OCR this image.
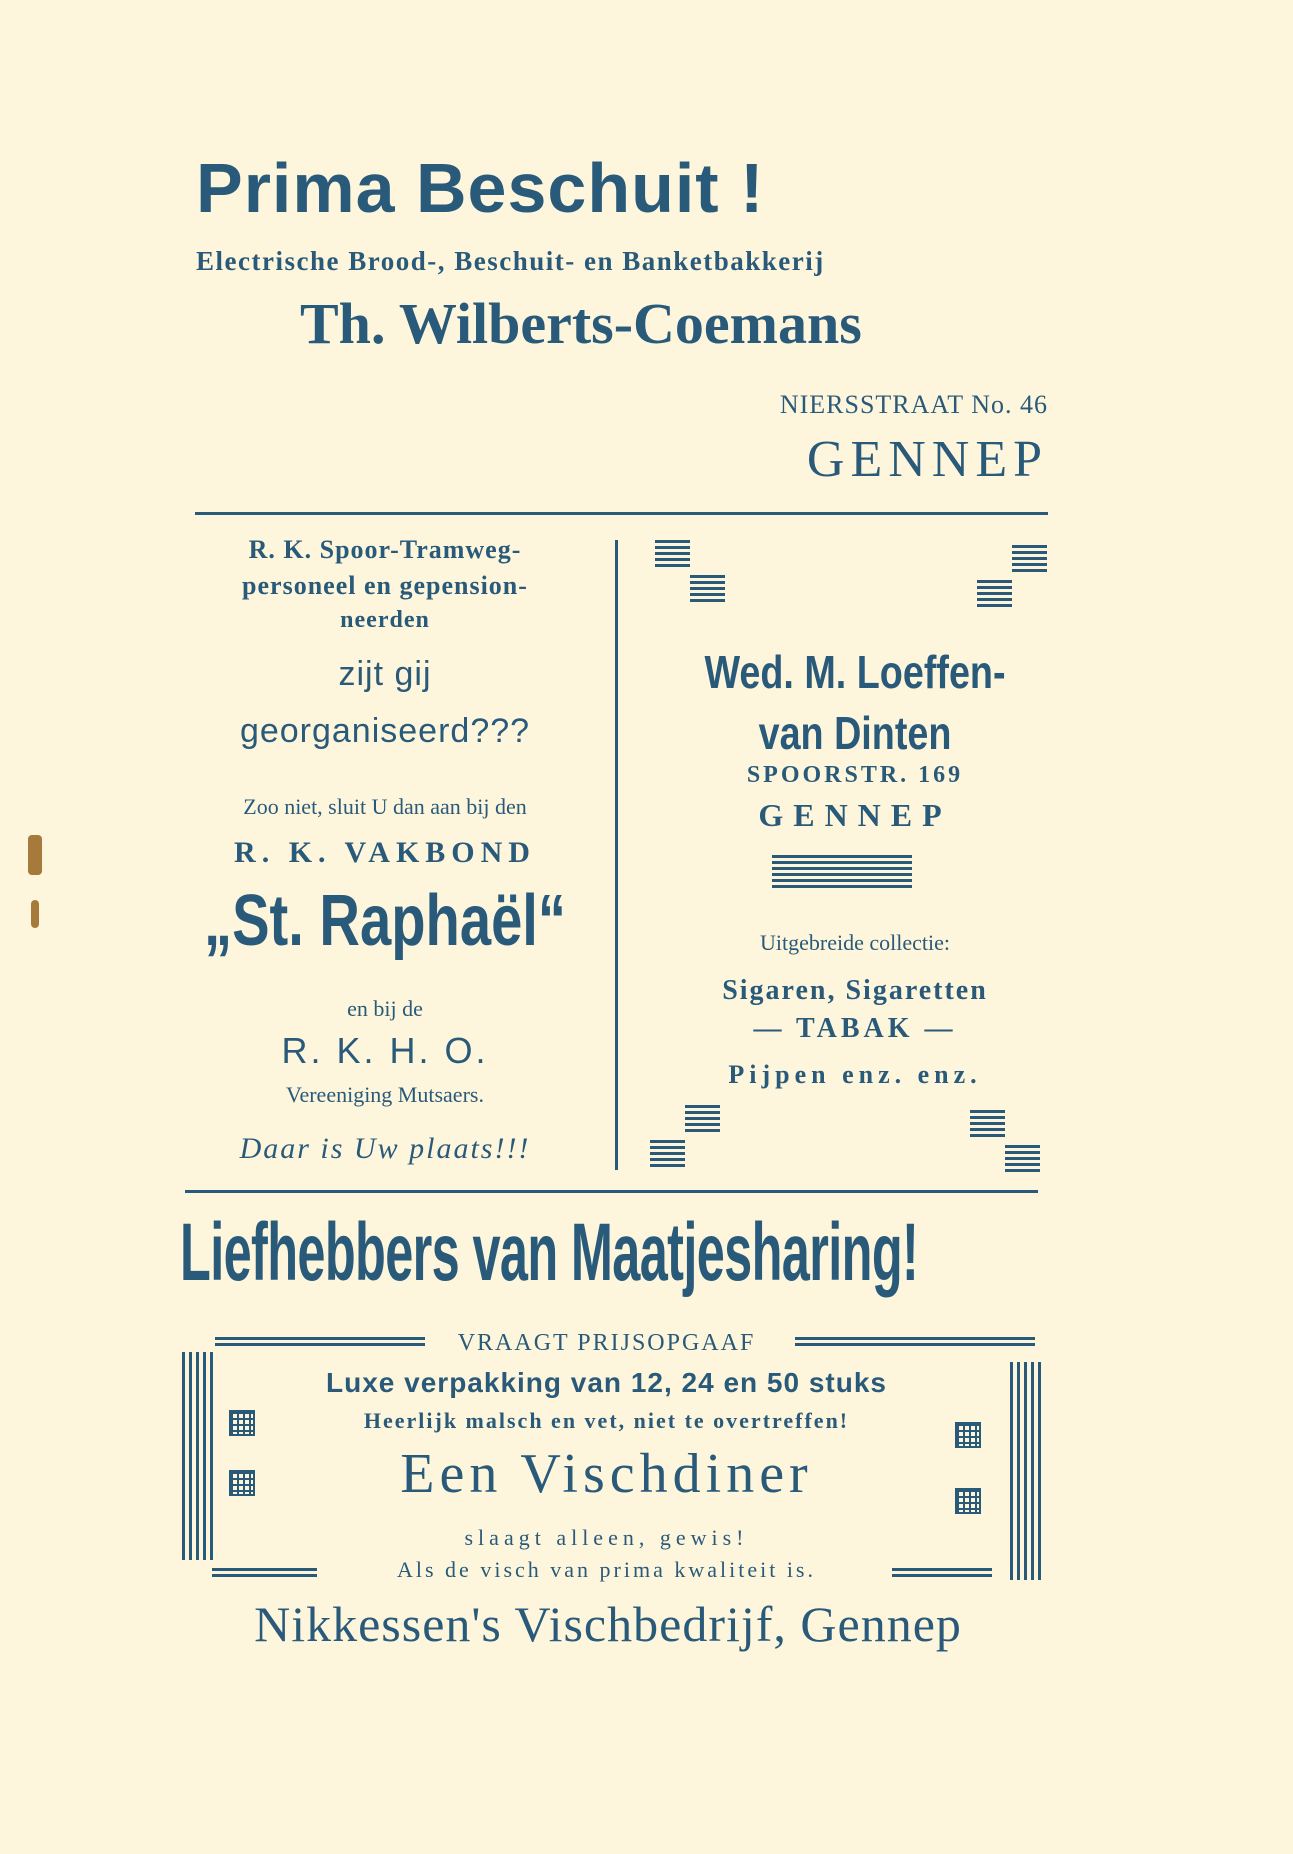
Prima Beschuit !
Electrische Brood-, Beschuit- en Banketbakkerij
Th. Wilberts-Coemans
NIERSSTRAAT No. 46
GENNEP
R. K. Spoor-Tramweg-
personeel en gepension-
neerden
zijt gij
georganiseerd???
Zoo niet, sluit U dan aan bij den
R. K. VAKBOND
„St. Raphaël“
en bij de
R. K. H. O.
Vereeniging Mutsaers.
Daar is Uw plaats!!!
Wed. M. Loeffen-
van Dinten
SPOORSTR. 169
GENNEP
Uitgebreide collectie:
Sigaren, Sigaretten
— TABAK —
Pijpen enz. enz.
Liefhebbers van Maatjesharing!
VRAAGT PRIJSOPGAAF
Luxe verpakking van 12, 24 en 50 stuks
Heerlijk malsch en vet, niet te overtreffen!
Een Vischdiner
slaagt alleen, gewis!
Als de visch van prima kwaliteit is.
Nikkessen's Vischbedrijf, Gennep
